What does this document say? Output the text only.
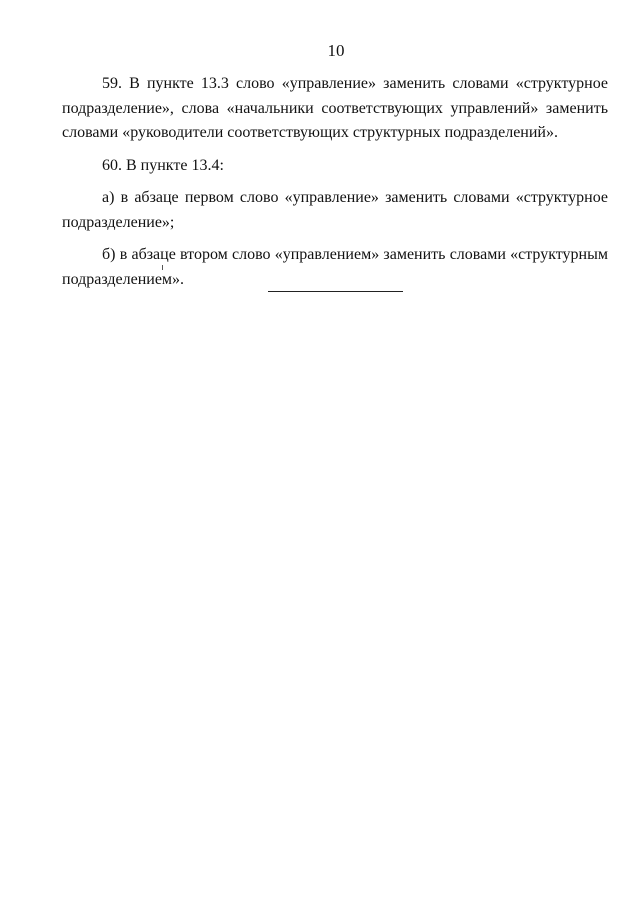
10

59. В пункте 13.3 слово «управление» заменить словами «структурное подразделение», слова «начальники соответствующих управлений» заменить словами «руководители соответствующих структурных подразделений».

60. В пункте 13.4:

а) в абзаце первом слово «управление» заменить словами «структурное подразделение»;

б) в абзаце втором слово «управлением» заменить словами «структурным подразделением».
